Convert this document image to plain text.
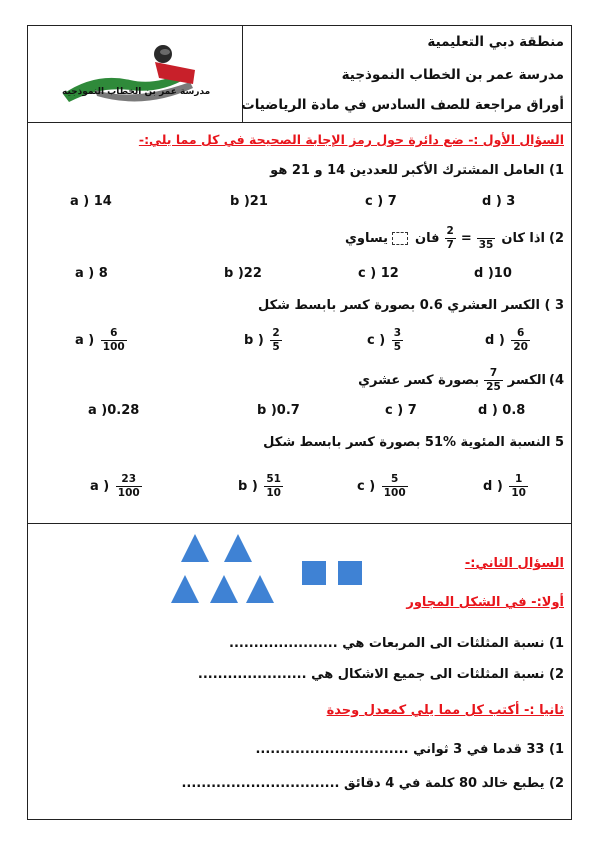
مدرسة عمر بن الخطاب النموذجيه
منطقة دبي التعليمية
مدرسة عمر بن الخطاب النموذجية
أوراق مراجعة للصف السادس في مادة الرياضيات
السؤال الأول :- ضع دائرة حول رمز الإجابة الصحيحة في كل مما يلي:-
1) العامل المشترك الأكبر للعددين 14 و 21 هو
a ) 14	b )21	c ) 7	d ) 3
2)
اذا كان

35
=
$\frac{2}{7}$
فان
يساوي
a ) 8	b )22	c ) 12	d )10
3 ) الكسر العشري 0.6 بصورة كسر بابسط شكل
a ) $\frac{6}{100}$	b ) $\frac{2}{5}$	c ) $\frac{3}{5}$	d ) $\frac{6}{20}$
4)
الكسر
$\frac{7}{25}$
بصورة كسر عشري
a )0.28	b )0.7	c ) 7	d ) 0.8
5 النسبة المئوية %51 بصورة كسر بابسط شكل
a ) $\frac{23}{100}$	b ) $\frac{51}{10}$	c ) $\frac{5}{100}$	d ) $\frac{1}{10}$
السؤال الثاني:-
أولا:- في الشكل المجاور
1) نسبة المثلثات الى المربعات هي ......................
2) نسبة المثلثات الى جميع الاشكال هي ......................
ثانيا :- أكتب كل مما يلي كمعدل وحدة
1) 33 قدما في 3 ثواني ...............................
2) يطبع خالد 80 كلمة في 4 دقائق ................................
